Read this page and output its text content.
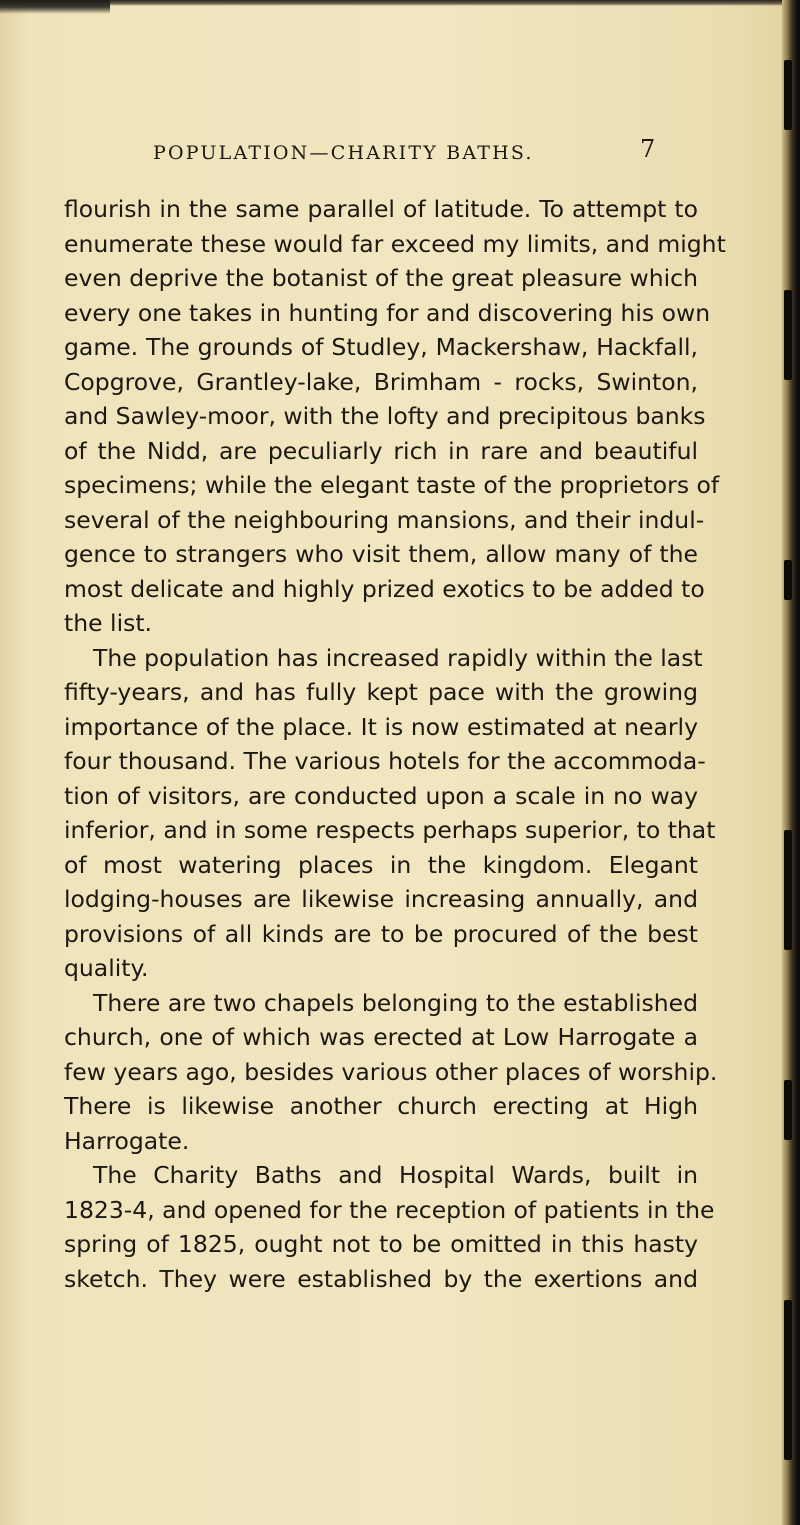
POPULATION—CHARITY BATHS.	7

flourish in the same parallel of latitude. To attempt to
enumerate these would far exceed my limits, and might
even deprive the botanist of the great pleasure which
every one takes in hunting for and discovering his own
game. The grounds of Studley, Mackershaw, Hackfall,
Copgrove, Grantley-lake, Brimham - rocks, Swinton,
and Sawley-moor, with the lofty and precipitous banks
of the Nidd, are peculiarly rich in rare and beautiful
specimens; while the elegant taste of the proprietors of
several of the neighbouring mansions, and their indul-
gence to strangers who visit them, allow many of the
most delicate and highly prized exotics to be added to
the list.

The population has increased rapidly within the last
fifty-years, and has fully kept pace with the growing
importance of the place. It is now estimated at nearly
four thousand. The various hotels for the accommoda-
tion of visitors, are conducted upon a scale in no way
inferior, and in some respects perhaps superior, to that
of most watering places in the kingdom. Elegant
lodging-houses are likewise increasing annually, and
provisions of all kinds are to be procured of the best
quality.

There are two chapels belonging to the established
church, one of which was erected at Low Harrogate a
few years ago, besides various other places of worship.
There is likewise another church erecting at High
Harrogate.

The Charity Baths and Hospital Wards, built in
1823-4, and opened for the reception of patients in the
spring of 1825, ought not to be omitted in this hasty
sketch. They were established by the exertions and
